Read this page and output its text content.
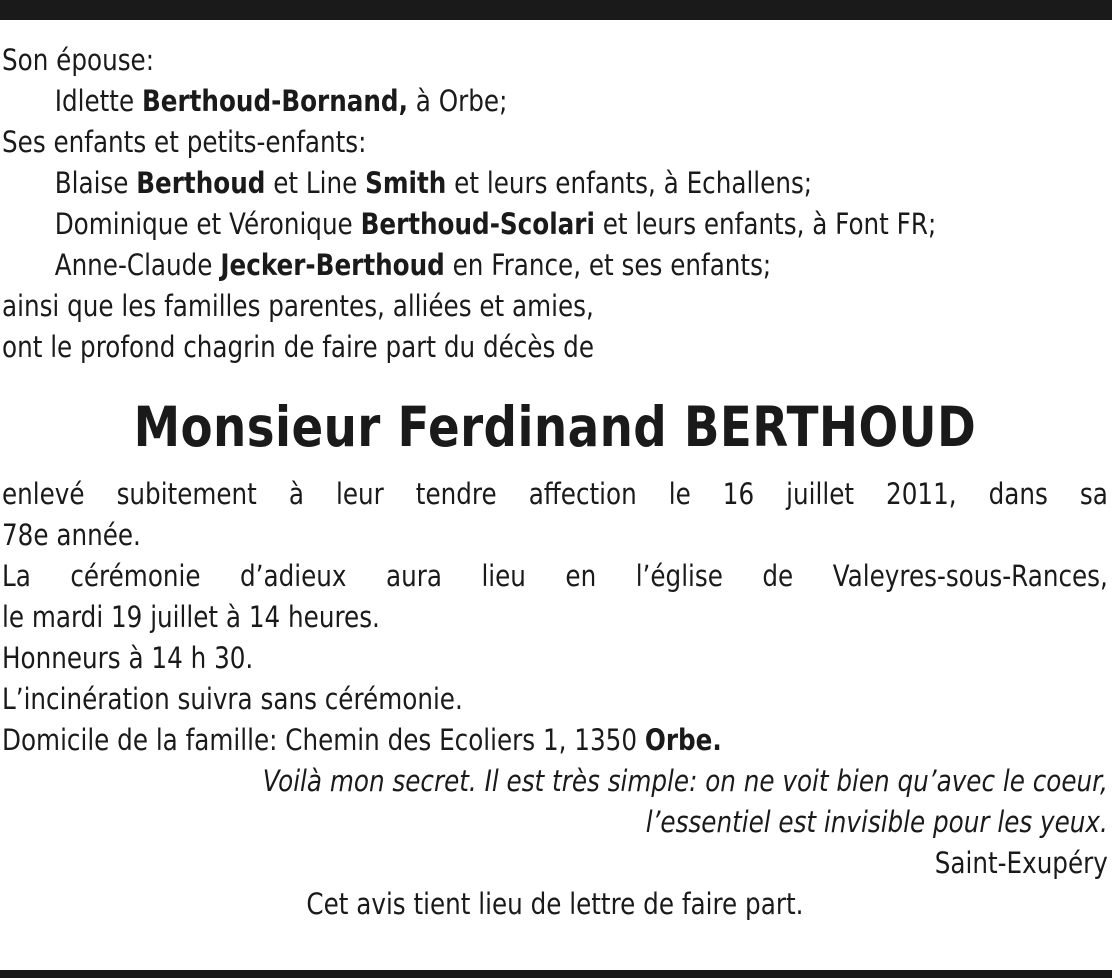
Son épouse:
Idlette Berthoud-Bornand, à Orbe;
Ses enfants et petits-enfants:
Blaise Berthoud et Line Smith et leurs enfants, à Echallens;
Dominique et Véronique Berthoud-Scolari et leurs enfants, à Font FR;
Anne-Claude Jecker-Berthoud en France, et ses enfants;
ainsi que les familles parentes, alliées et amies,
ont le profond chagrin de faire part du décès de
Monsieur Ferdinand BERTHOUD
enlevé subitement à leur tendre affection le 16 juillet 2011, dans sa
78e année.
La cérémonie d’adieux aura lieu en l’église de Valeyres-sous-Rances,
le mardi 19 juillet à 14 heures.
Honneurs à 14 h 30.
L’incinération suivra sans cérémonie.
Domicile de la famille: Chemin des Ecoliers 1, 1350 Orbe.
Voilà mon secret. Il est très simple: on ne voit bien qu’avec le coeur,
l’essentiel est invisible pour les yeux.
Saint-Exupéry
Cet avis tient lieu de lettre de faire part.
